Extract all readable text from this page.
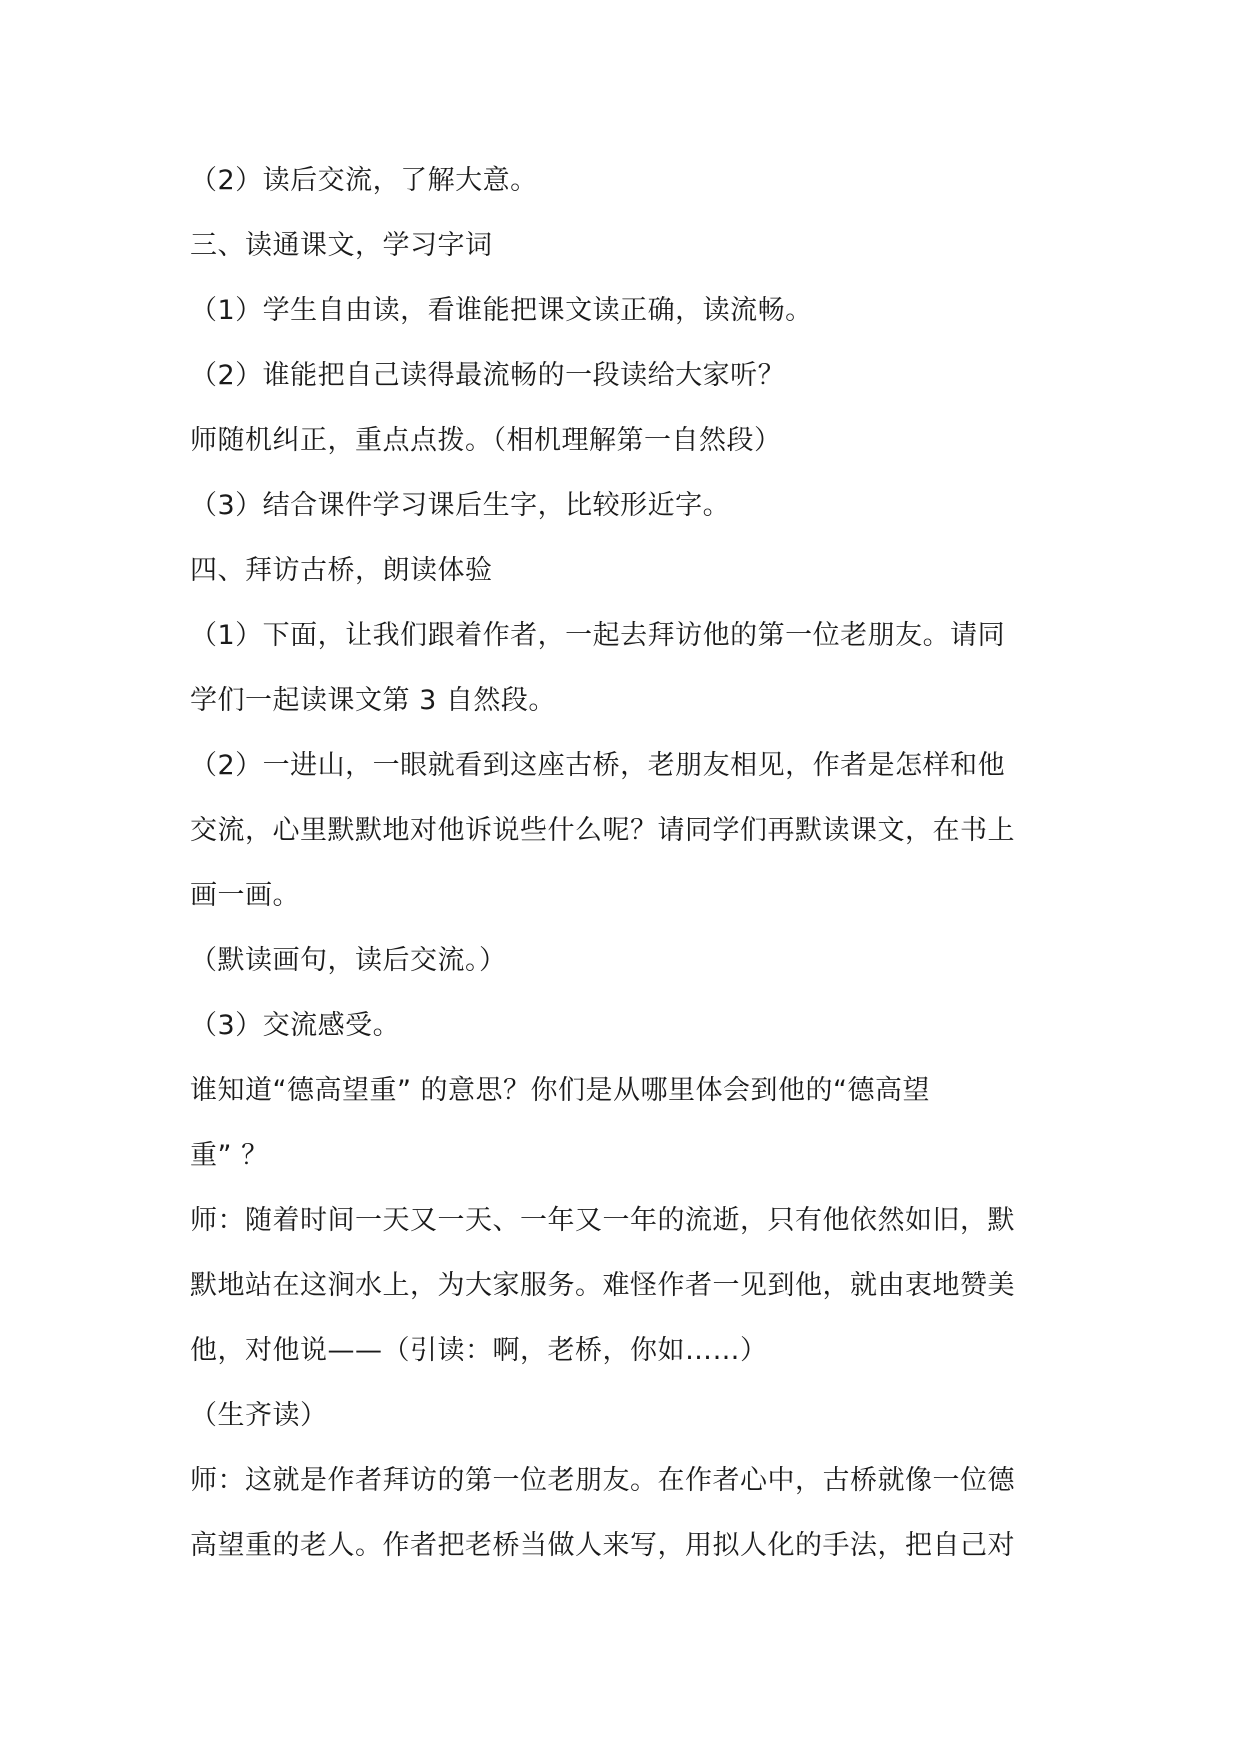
（2）读后交流，了解大意。
三、读通课文，学习字词
（1）学生自由读，看谁能把课文读正确，读流畅。
（2）谁能把自己读得最流畅的一段读给大家听？
师随机纠正，重点点拨。（相机理解第一自然段）
（3）结合课件学习课后生字，比较形近字。
四、拜访古桥，朗读体验
（1）下面，让我们跟着作者，一起去拜访他的第一位老朋友。请同
学们一起读课文第 3 自然段。
（2）一进山，一眼就看到这座古桥，老朋友相见，作者是怎样和他
交流，心里默默地对他诉说些什么呢？请同学们再默读课文，在书上
画一画。
（默读画句，读后交流。）
（3）交流感受。
谁知道“德高望重” 的意思？你们是从哪里体会到他的“德高望
重” ？
师：随着时间一天又一天、一年又一年的流逝，只有他依然如旧，默
默地站在这涧水上，为大家服务。难怪作者一见到他，就由衷地赞美
他，对他说——（引读：啊，老桥，你如……）
（生齐读）
师：这就是作者拜访的第一位老朋友。在作者心中，古桥就像一位德
高望重的老人。作者把老桥当做人来写，用拟人化的手法，把自己对
